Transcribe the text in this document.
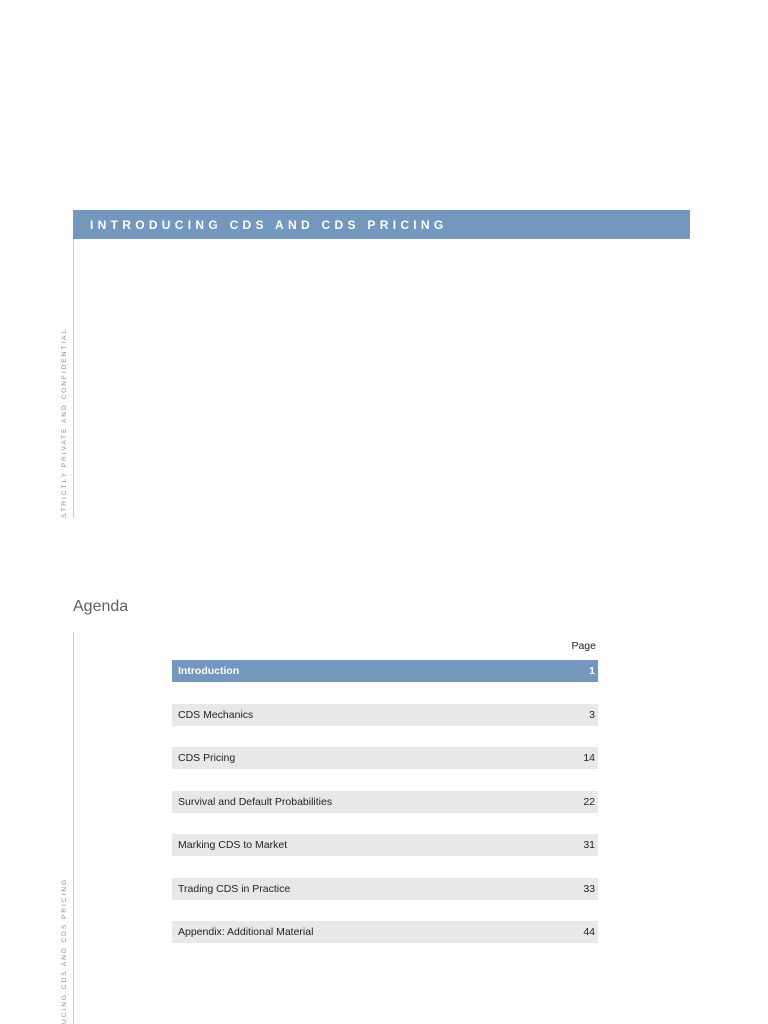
INTRODUCING CDS AND CDS PRICING
STRICTLY PRIVATE AND CONFIDENTIAL
Agenda
UCING CDS AND CDS PRICING
Page
Introduction	1
CDS Mechanics	3
CDS Pricing	14
Survival and Default Probabilities	22
Marking CDS to Market	31
Trading CDS in Practice	33
Appendix: Additional Material	44
